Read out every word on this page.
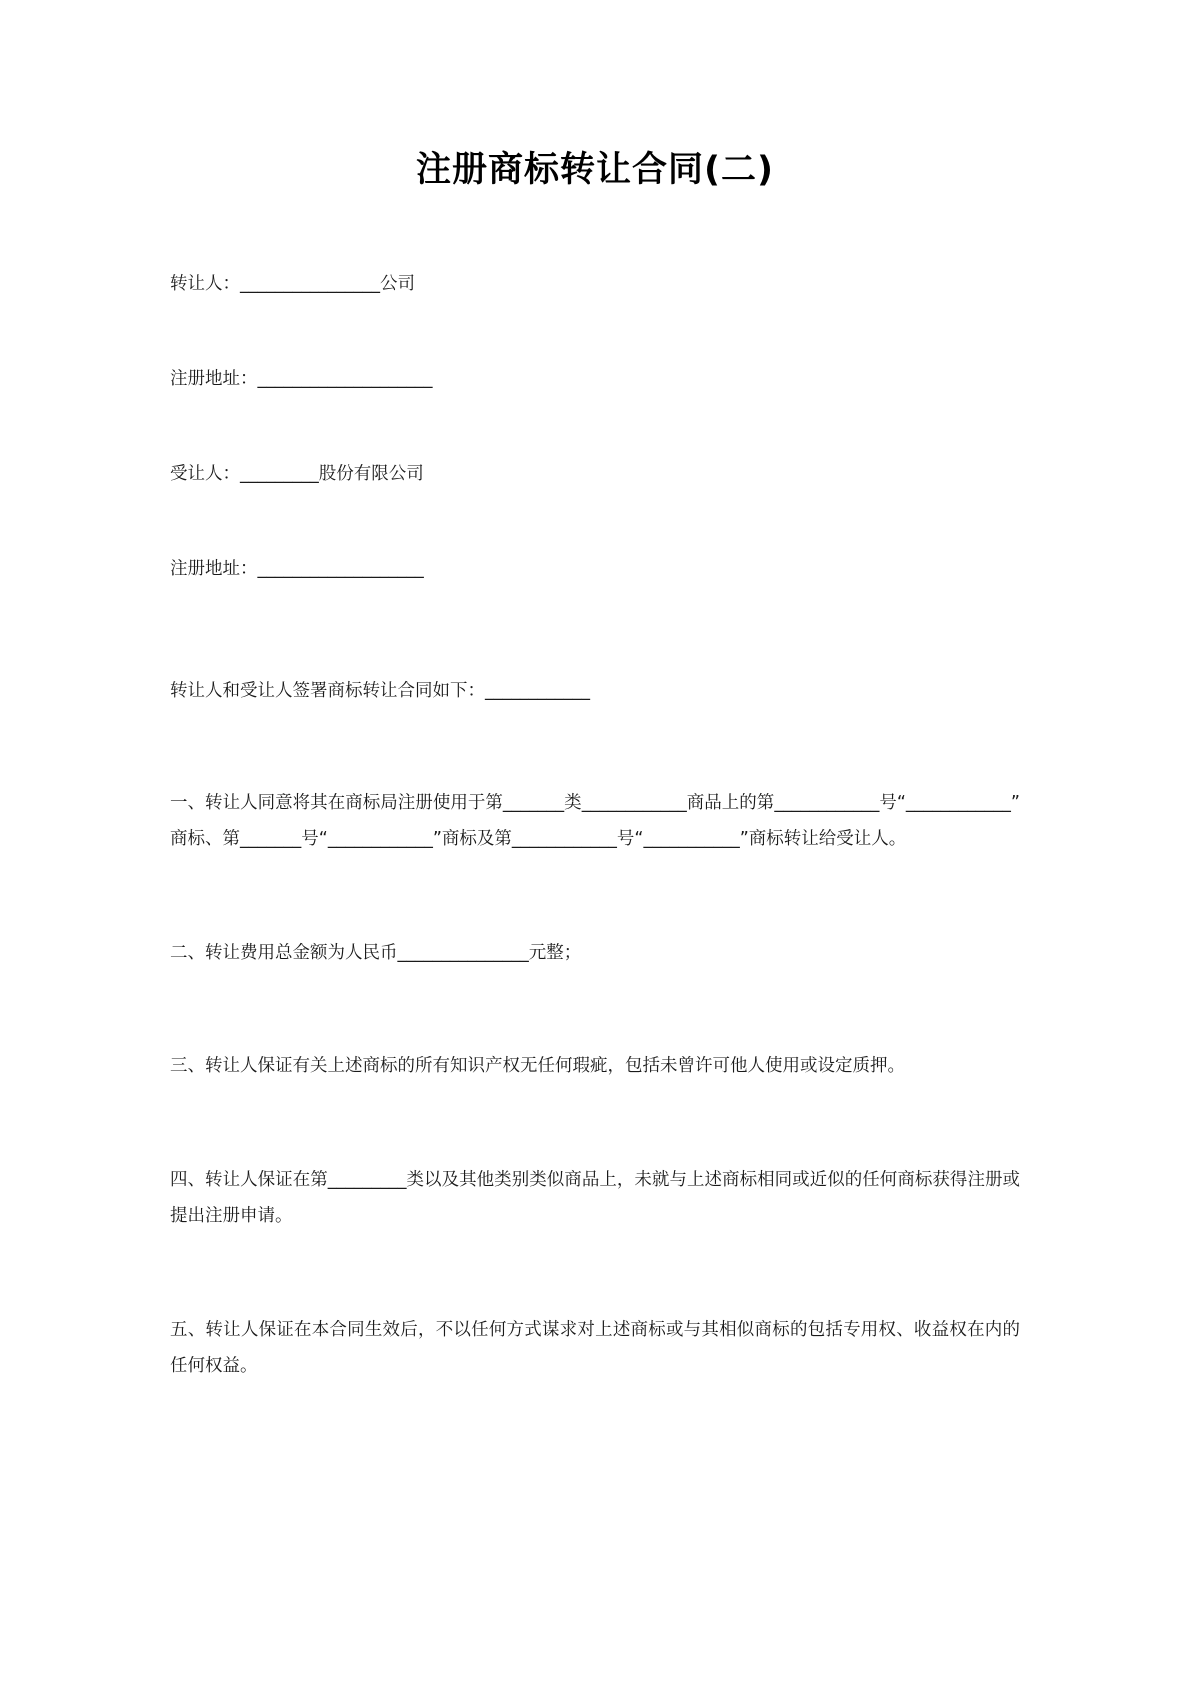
注册商标转让合同(二)
转让人：________________公司
注册地址：____________________
受让人：_________股份有限公司
注册地址：___________________
转让人和受让人签署商标转让合同如下：____________

一、转让人同意将其在商标局注册使用于第_______类____________商品上的第____________号“____________”商标、第_______号“____________”商标及第____________号“___________”商标转让给受让人。

二、转让费用总金额为人民币_______________元整；

三、转让人保证有关上述商标的所有知识产权无任何瑕疵，包括未曾许可他人使用或设定质押。

四、转让人保证在第_________类以及其他类别类似商品上，未就与上述商标相同或近似的任何商标获得注册或提出注册申请。

五、转让人保证在本合同生效后，不以任何方式谋求对上述商标或与其相似商标的包括专用权、收益权在内的任何权益。
